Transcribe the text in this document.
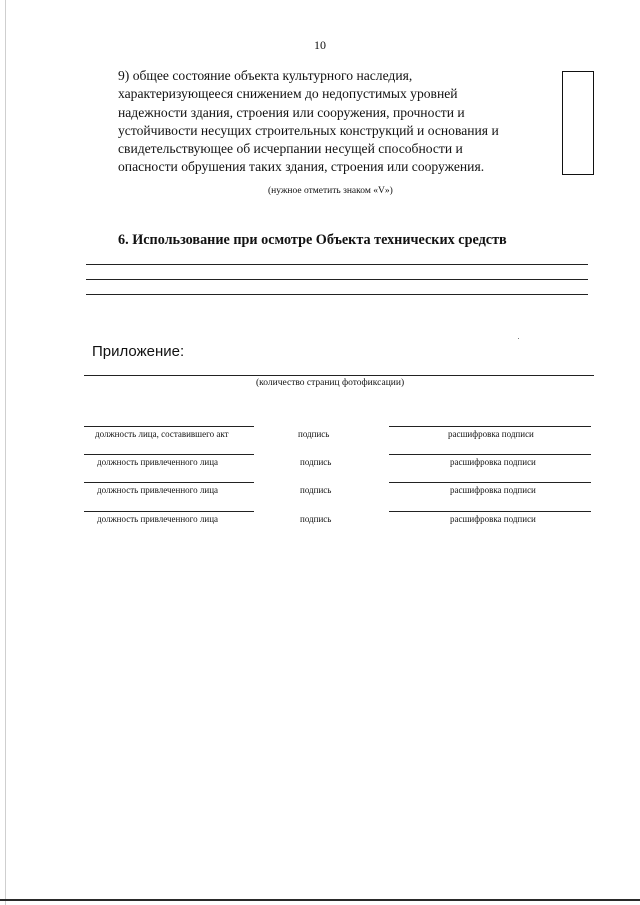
10

9) общее состояние объекта культурного наследия,
характеризующееся снижением до недопустимых уровней
надежности здания, строения или сооружения, прочности и
устойчивости несущих строительных конструкций и основания и
свидетельствующее об исчерпании несущей способности и
опасности обрушения таких здания, строения или сооружения.

(нужное отметить знаком «V»)
6. Использование при осмотре Объекта технических средств
Приложение:
(количество страниц фотофиксации)
должность лица, составившего акт	подпись	расшифровка подписи
должность привлеченного лица	подпись	расшифровка подписи
должность привлеченного лица	подпись	расшифровка подписи
должность привлеченного лица	подпись	расшифровка подписи
